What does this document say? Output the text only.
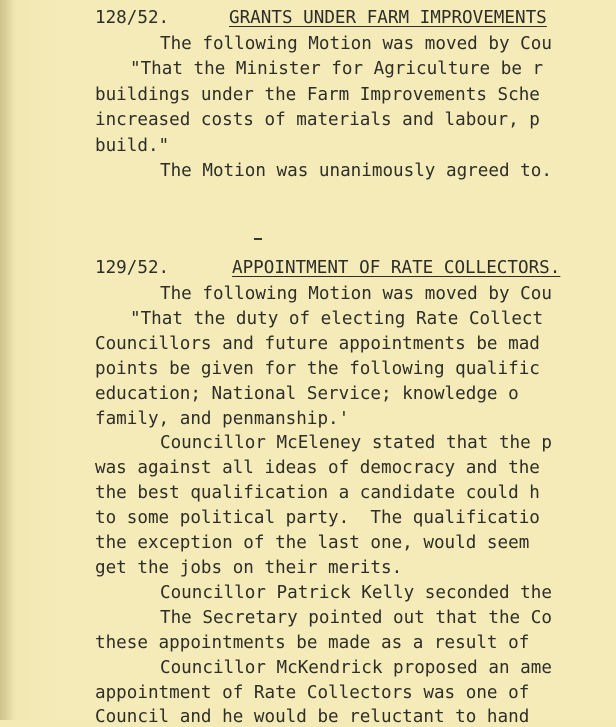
128/52.	GRANTS UNDER FARM IMPROVEMENTS
The following Motion was moved by Cou
"That the Minister for Agriculture be r
buildings under the Farm Improvements Sche
increased costs of materials and labour, p
build."
The Motion was unanimously agreed to.
129/52.	APPOINTMENT OF RATE COLLECTORS.
The following Motion was moved by Cou
"That the duty of electing Rate Collect
Councillors and future appointments be mad
points be given for the following qualific
education; National Service; knowledge o
family, and penmanship.'
Councillor McEleney stated that the p
was against all ideas of democracy and the
the best qualification a candidate could h
to some political party.  The qualificatio
the exception of the last one, would seem
get the jobs on their merits.
Councillor Patrick Kelly seconded the
The Secretary pointed out that the Co
these appointments be made as a result of
Councillor McKendrick proposed an ame
appointment of Rate Collectors was one of
Council and he would be reluctant to hand
